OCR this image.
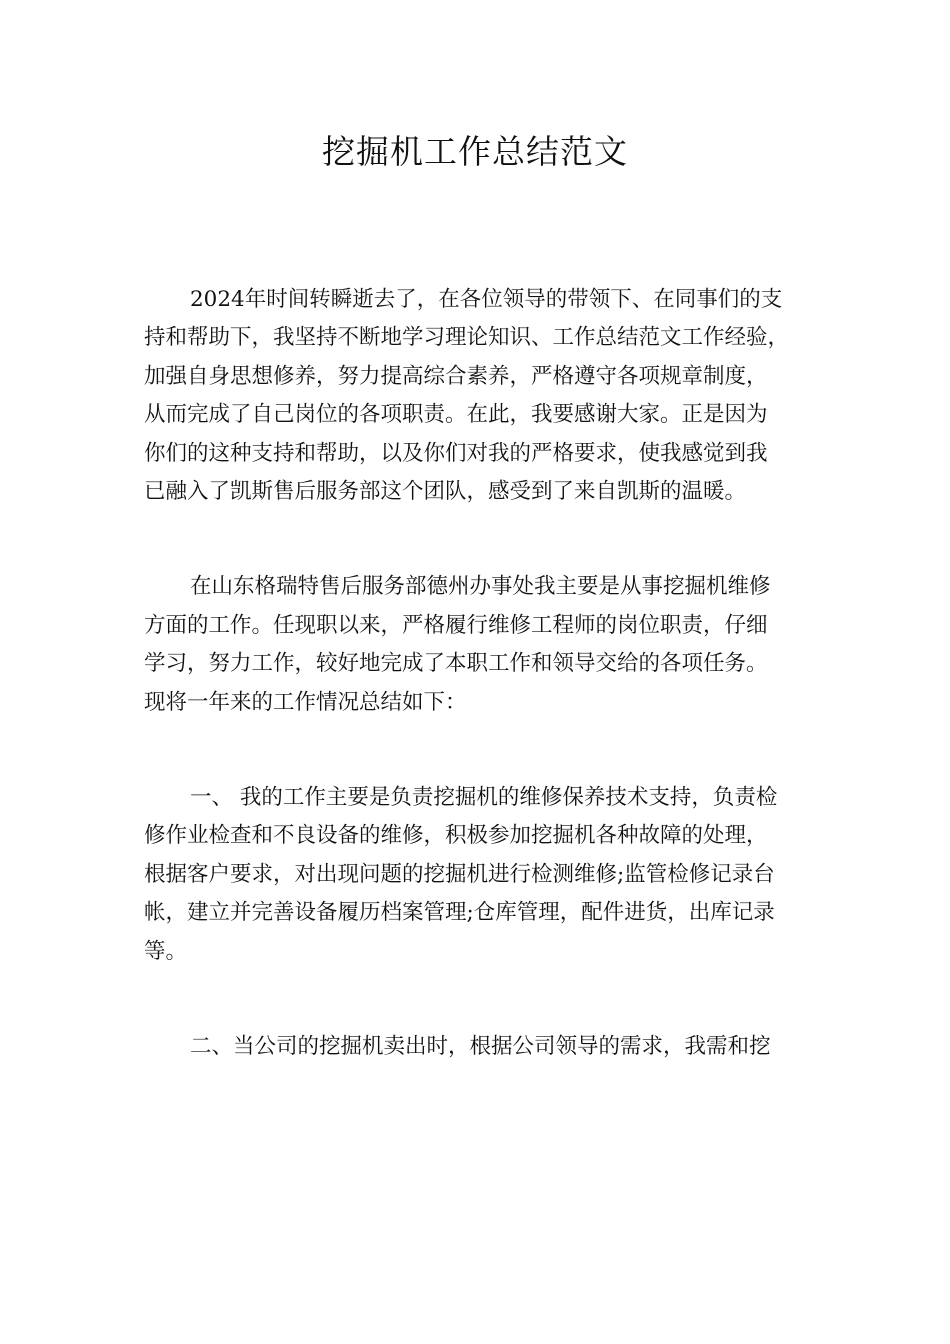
挖掘机工作总结范文

2024年时间转瞬逝去了，在各位领导的带领下、在同事们的支
持和帮助下，我坚持不断地学习理论知识、工作总结范文工作经验，
加强自身思想修养，努力提高综合素养，严格遵守各项规章制度，
从而完成了自己岗位的各项职责。在此，我要感谢大家。正是因为
你们的这种支持和帮助，以及你们对我的严格要求，使我感觉到我
已融入了凯斯售后服务部这个团队，感受到了来自凯斯的温暖。

在山东格瑞特售后服务部德州办事处我主要是从事挖掘机维修
方面的工作。任现职以来，严格履行维修工程师的岗位职责，仔细
学习，努力工作，较好地完成了本职工作和领导交给的各项任务。
现将一年来的工作情况总结如下：

一、 我的工作主要是负责挖掘机的维修保养技术支持，负责检
修作业检查和不良设备的维修，积极参加挖掘机各种故障的处理，
根据客户要求，对出现问题的挖掘机进行检测维修;监管检修记录台
帐，建立并完善设备履历档案管理;仓库管理，配件进货，出库记录
等。

二、当公司的挖掘机卖出时，根据公司领导的需求，我需和挖
